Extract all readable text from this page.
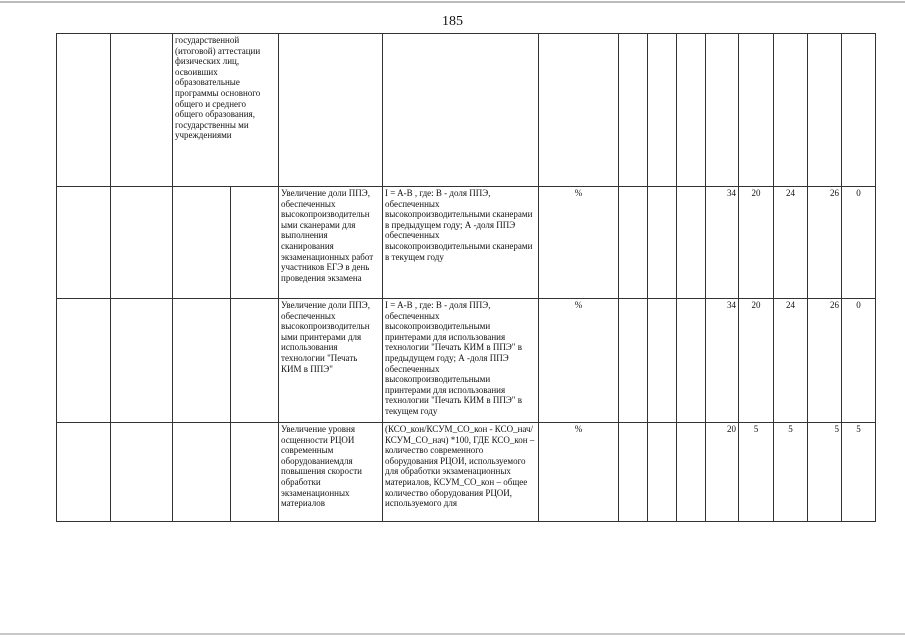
185
		государственной (итоговой) аттестации физических лиц, освоивших образовательные программы основного общего и среднего общего образования, государственны ми учреждениями												
				Увеличение доли ППЭ, обеспеченных высокопроизводительн ыми сканерами для выполнения сканирования экзаменационных работ участников ЕГЭ в день проведения экзамена	I = A-B , где: В - доля ППЭ, обеспеченных высокопроизводительными сканерами в предыдущем году; А -доля ППЭ обеспеченных высокопроизводительными сканерами в текущем году	%				34	20	24	26	0
				Увеличение доли ППЭ, обеспеченных высокопроизводительн ыми принтерами для использования технологии "Печать КИМ в ППЭ"	I = A-B , где: В - доля ППЭ, обеспеченных высокопроизводительными принтерами для использования технологии "Печать КИМ в ППЭ" в предыдущем году; А -доля ППЭ обеспеченных высокопроизводительными принтерами для использования технологии "Печать КИМ в ППЭ" в текущем году	%				34	20	24	26	0
				Увеличение уровня осщенности РЦОИ современным оборудованиемдля повышения скорости обработки экзаменационных материалов	(КСО_кон/КСУМ_СО_кон - КСО_нач/КСУМ_СО_нач) *100, ГДЕ КСО_кон – количество современного оборудования РЦОИ, используемого для обработки экзаменационных материалов, КСУМ_СО_кон – общее количество оборудования РЦОИ, используемого для	%				20	5	5	5	5
